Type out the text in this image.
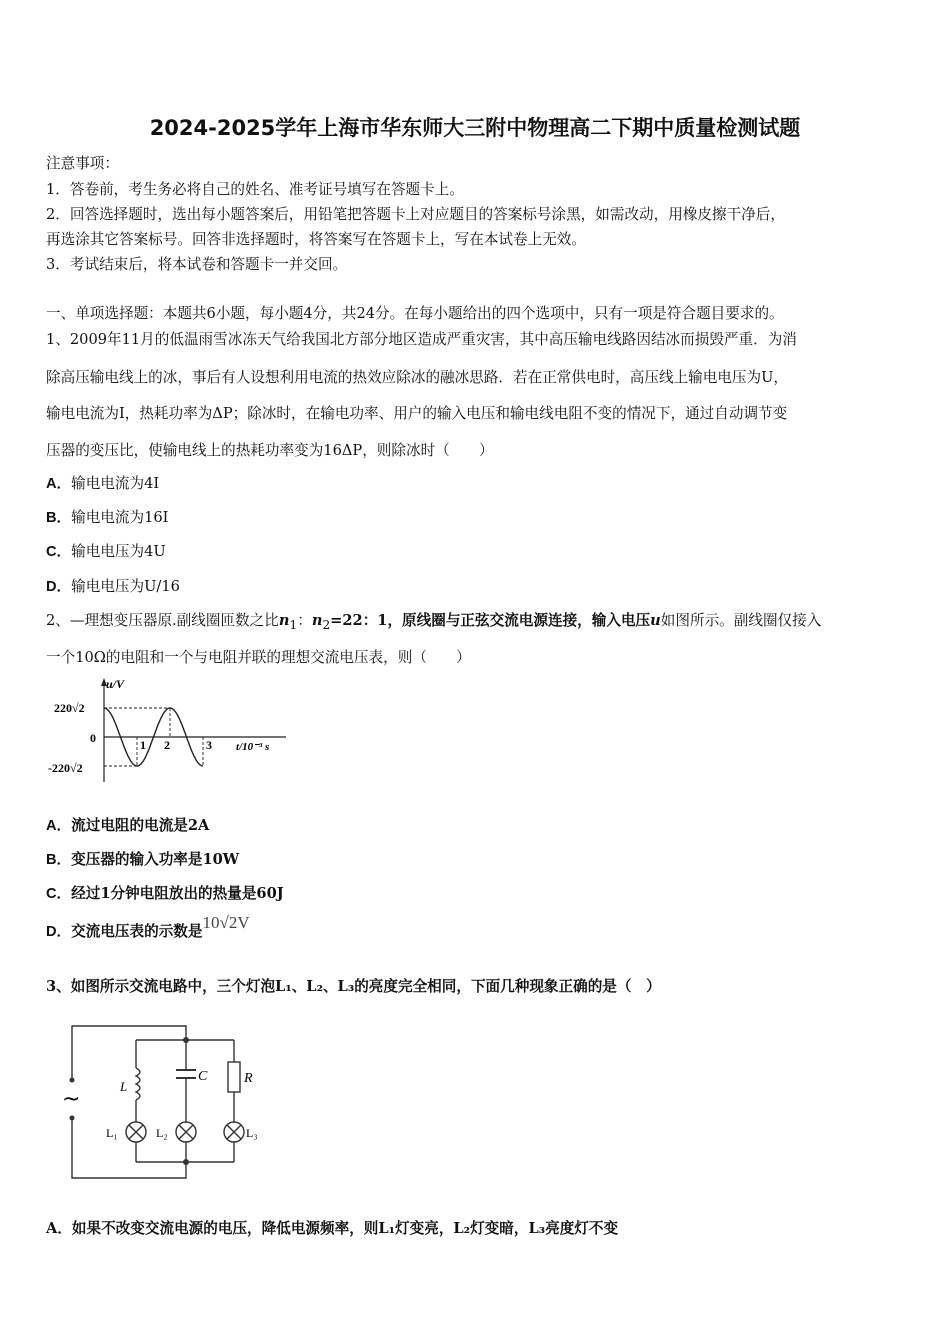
2024-2025学年上海市华东师大三附中物理高二下期中质量检测试题
注意事项：
1．答卷前，考生务必将自己的姓名、准考证号填写在答题卡上。
2．回答选择题时，选出每小题答案后，用铅笔把答题卡上对应题目的答案标号涂黑，如需改动，用橡皮擦干净后，
再选涂其它答案标号。回答非选择题时，将答案写在答题卡上，写在本试卷上无效。
3．考试结束后，将本试卷和答题卡一并交回。
一、单项选择题：本题共6小题，每小题4分，共24分。在每小题给出的四个选项中，只有一项是符合题目要求的。
1、2009年11月的低温雨雪冰冻天气给我国北方部分地区造成严重灾害，其中高压输电线路因结冰而损毁严重．为消
除高压输电线上的冰，事后有人设想利用电流的热效应除冰的融冰思路．若在正常供电时，高压线上输电电压为U，
输电电流为I，热耗功率为ΔP；除冰时，在输电功率、用户的输入电压和输电线电阻不变的情况下，通过自动调节变
压器的变压比，使输电线上的热耗功率变为16ΔP，则除冰时（　　）
A．输电电流为4I
B．输电电流为16I
C．输电电压为4U
D．输电电压为U/16
2、—理想变压器原.副线圈匝数之比$n_1$：$n_2=22$：1，原线圈与正弦交流电源连接，输入电压u如图所示。副线圈仅接入
一个10Ω的电阻和一个与电阻并联的理想交流电压表，则（　　）
u/V
220√2
-220√2
0	1 2	3 t/10⁻³ s
A．流过电阻的电流是2A
B．变压器的输入功率是10W
C．经过1分钟电阻放出的热量是60J
D．交流电压表的示数是10√2V
3、如图所示交流电路中，三个灯泡L₁、L₂、L₃的亮度完全相同，下面几种现象正确的是（　）
~
L
C	R
L₁	L₂	L₃
A．如果不改变交流电源的电压，降低电源频率，则L₁灯变亮，L₂灯变暗，L₃亮度灯不变
